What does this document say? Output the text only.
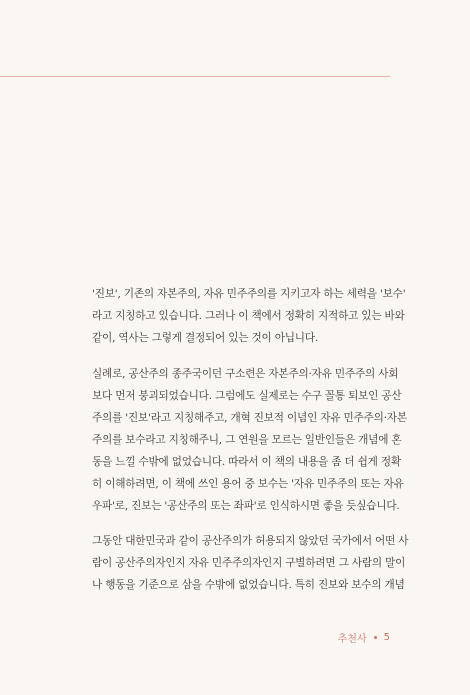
'진보', 기존의 자본주의, 자유 민주주의를 지키고자 하는 세력을 '보수'
라고 지칭하고 있습니다. 그러나 이 책에서 정확히 지적하고 있는 바와
같이, 역사는 그렇게 결정되어 있는 것이 아닙니다.

실례로, 공산주의 종주국이던 구소련은 자본주의·자유 민주주의 사회
보다 먼저 붕괴되었습니다. 그럼에도 실제로는 수구 꼴통 퇴보인 공산
주의를 '진보'라고 지칭해주고, 개혁 진보적 이념인 자유 민주주의·자본
주의를 보수라고 지칭해주니, 그 연원을 모르는 일반인들은 개념에 혼
동을 느낄 수밖에 없었습니다. 따라서 이 책의 내용을 좀 더 쉽게 정확
히 이해하려면, 이 책에 쓰인 용어 중 보수는 '자유 민주주의 또는 자유
우파'로, 진보는 '공산주의 또는 좌파'로 인식하시면 좋을 듯싶습니다.

그동안 대한민국과 같이 공산주의가 허용되지 않았던 국가에서 어떤 사
람이 공산주의자인지 자유 민주주의자인지 구별하려면 그 사람의 말이
나 행동을 기준으로 삼을 수밖에 없었습니다. 특히 진보와 보수의 개념

추천사 5
